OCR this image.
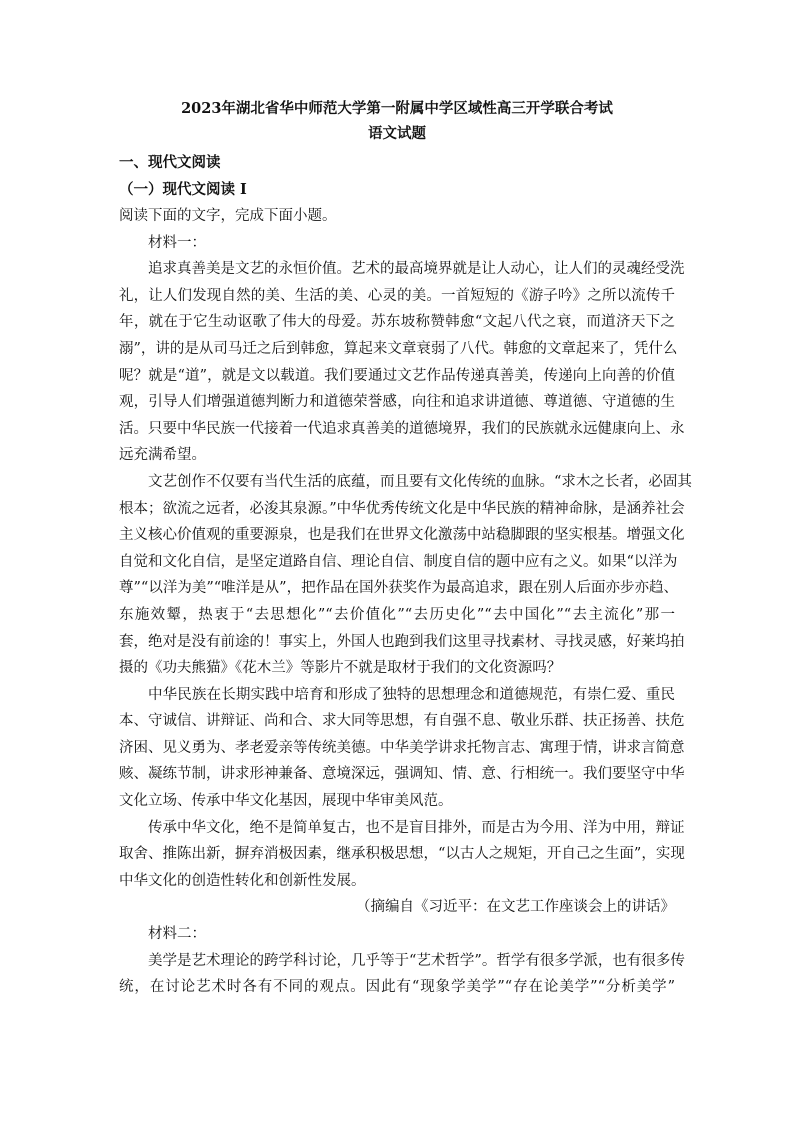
2023年湖北省华中师范大学第一附属中学区域性高三开学联合考试
语文试题
一、现代文阅读
（一）现代文阅读 I
阅读下面的文字，完成下面小题。
材料一：
追求真善美是文艺的永恒价值。艺术的最高境界就是让人动心，让人们的灵魂经受洗
礼，让人们发现自然的美、生活的美、心灵的美。一首短短的《游子吟》之所以流传千
年，就在于它生动讴歌了伟大的母爱。苏东坡称赞韩愈“文起八代之衰，而道济天下之
溺”，讲的是从司马迁之后到韩愈，算起来文章衰弱了八代。韩愈的文章起来了，凭什么
呢？就是“道”，就是文以载道。我们要通过文艺作品传递真善美，传递向上向善的价值
观，引导人们增强道德判断力和道德荣誉感，向往和追求讲道德、尊道德、守道德的生
活。只要中华民族一代接着一代追求真善美的道德境界，我们的民族就永远健康向上、永
远充满希望。
文艺创作不仅要有当代生活的底蕴，而且要有文化传统的血脉。“求木之长者，必固其
根本；欲流之远者，必浚其泉源。”中华优秀传统文化是中华民族的精神命脉，是涵养社会
主义核心价值观的重要源泉，也是我们在世界文化激荡中站稳脚跟的坚实根基。增强文化
自觉和文化自信，是坚定道路自信、理论自信、制度自信的题中应有之义。如果“以洋为
尊”“以洋为美”“唯洋是从”，把作品在国外获奖作为最高追求，跟在别人后面亦步亦趋、
东施效颦，热衷于“去思想化”“去价值化”“去历史化”“去中国化”“去主流化”那一
套，绝对是没有前途的！事实上，外国人也跑到我们这里寻找素材、寻找灵感，好莱坞拍
摄的《功夫熊猫》《花木兰》等影片不就是取材于我们的文化资源吗？
中华民族在长期实践中培育和形成了独特的思想理念和道德规范，有崇仁爱、重民
本、守诚信、讲辩证、尚和合、求大同等思想，有自强不息、敬业乐群、扶正扬善、扶危
济困、见义勇为、孝老爱亲等传统美德。中华美学讲求托物言志、寓理于情，讲求言简意
赅、凝练节制，讲求形神兼备、意境深远，强调知、情、意、行相统一。我们要坚守中华
文化立场、传承中华文化基因，展现中华审美风范。
传承中华文化，绝不是简单复古，也不是盲目排外，而是古为今用、洋为中用，辩证
取舍、推陈出新，摒弃消极因素，继承积极思想，“以古人之规矩，开自己之生面”，实现
中华文化的创造性转化和创新性发展。
（摘编自《习近平：在文艺工作座谈会上的讲话》
材料二：
美学是艺术理论的跨学科讨论，几乎等于“艺术哲学”。哲学有很多学派，也有很多传
统，在讨论艺术时各有不同的观点。因此有“现象学美学”“存在论美学”“分析美学”
